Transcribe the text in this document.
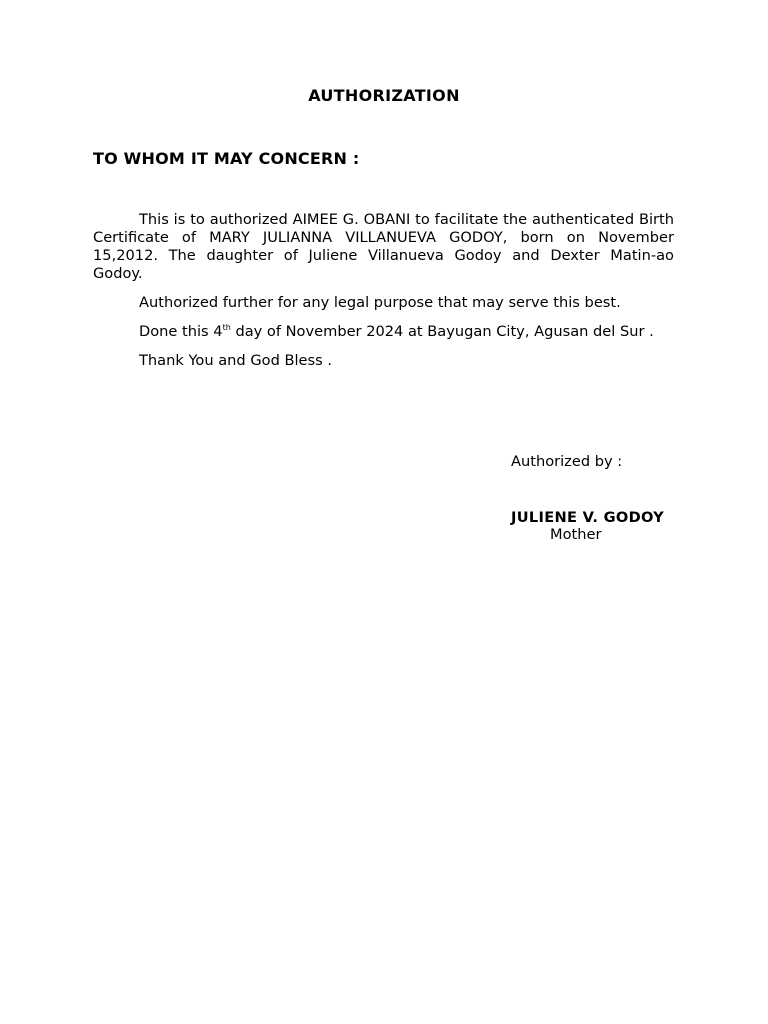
AUTHORIZATION
TO WHOM IT MAY CONCERN :

This is to authorized AIMEE G. OBANI to facilitate the authenticated Birth Certificate of MARY JULIANNA VILLANUEVA GODOY, born on November 15,2012. The daughter of Juliene Villanueva Godoy and Dexter Matin-ao Godoy.

Authorized further for any legal purpose that may serve this best.

Done this 4th day of November 2024 at Bayugan City, Agusan del Sur .

Thank You and God Bless .

Authorized by :
JULIENE V. GODOY
Mother
